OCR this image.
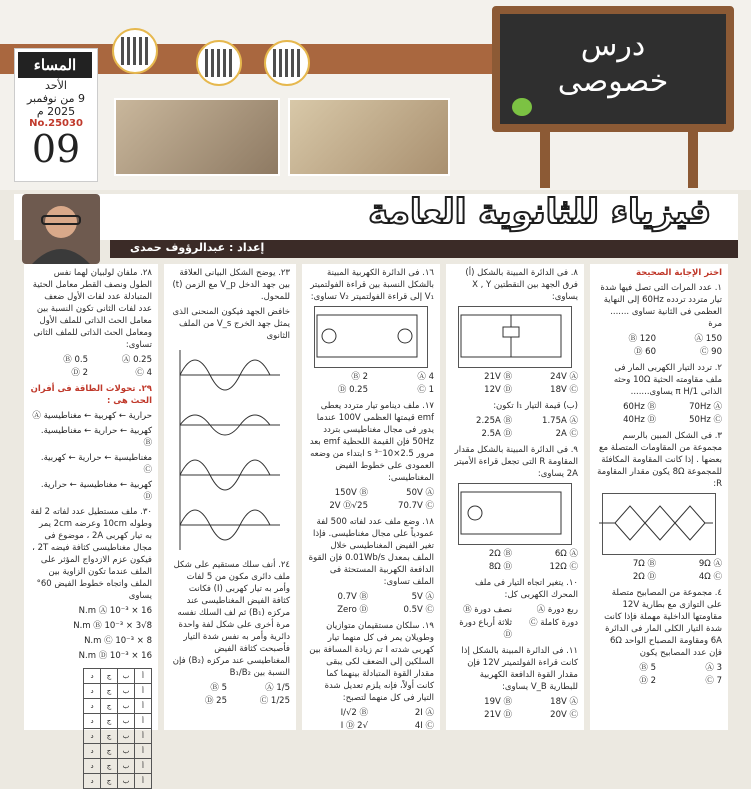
الأحد
9 من نوفمبر
2025 م
No.25030
09
المساء
درس
خصوصى
فيزياء للثانوية العامة
إعداد : عبدالرؤوف حمدى

اختر الإجابة الصحيحة

١. عدد المرات التى تصل فيها شدة تيار متردد تردده 60Hz إلى النهاية العظمى فى الثانية تساوى ....... مرة

150 Ⓐ
120 Ⓑ
90 Ⓒ
60 Ⓓ

٢. تردد التيار الكهربى المار فى ملف مقاومته الحثية 10Ω وحثه الذاتى 1/π H يساوى.......

70Hz Ⓐ
60Hz Ⓑ
50Hz Ⓒ
40Hz Ⓓ

٣. فى الشكل المبين بالرسم مجموعة من المقاومات المتصلة مع بعضها . إذا كانت المقاومة المكافئة للمجموعة 8Ω يكون مقدار المقاومة R:

9Ω Ⓐ
7Ω Ⓑ
4Ω Ⓒ
2Ω Ⓓ

٤. مجموعة من المصابيح متصلة على التوازى مع بطارية 12V مقاومتها الداخلية مهملة فإذا كانت شدة التيار الكلى المار فى الدائرة 6A ومقاومة المصباح الواحد 6Ω فإن عدد المصابيح يكون

3 Ⓐ
5 Ⓑ
7 Ⓒ
2 Ⓓ

٨. فى الدائرة المبينة بالشكل (أ) فرق الجهد بين النقطتين X , Y يساوى:

24V Ⓐ
21V Ⓑ
18V Ⓒ
12V Ⓓ

(ب) قيمة التيار I₁ تكون:

1.75A Ⓐ
2.25A Ⓑ
2A Ⓒ
2.5A Ⓓ

٩. فى الدائرة المبينة بالشكل مقدار المقاومة R التى تجعل قراءة الأميتر 2A يساوى:

6Ω Ⓐ
2Ω Ⓑ
12Ω Ⓒ
8Ω Ⓓ

١٠. يتغير اتجاه التيار فى ملف المحرك الكهربى كل:

ربع دورة Ⓐ
نصف دورة Ⓑ
دورة كاملة Ⓒ
ثلاثة أرباع دورة Ⓓ

١١. فى الدائرة المبينة بالشكل إذا كانت قراءة الفولتميتر 12V فإن مقدار القوة الدافعة الكهربية للبطارية V_B يساوى:

18V Ⓐ
19V Ⓑ
20V Ⓒ
21V Ⓓ

١٦. فى الدائرة الكهربية المبينة بالشكل النسبة بين قراءة الفولتميتر V₁ إلى قراءة الفولتميتر V₂ تساوى:

4 Ⓐ
2 Ⓑ
1 Ⓒ
0.25 Ⓓ

١٧. ملف دينامو تيار متردد يعطى emf قيمتها العظمى 100V عندما يدور فى مجال مغناطيسى بتردد 50Hz فإن القيمة اللحظية emf بعد مرور 2.5×10⁻³ s ابتداء من وضعه العمودى على خطوط الفيض المغناطيسى:

50V Ⓐ
150V Ⓑ
70.7V Ⓒ
25√2V Ⓓ

١٨. وضع ملف عدد لفاته 500 لفة عمودياً على مجال مغناطيسى. فإذا تغير الفيض المغناطيسى خلال الملف بمعدل 0.01Wb/s فإن القوة الدافعة الكهربية المستحثة فى الملف تساوى:

5V Ⓐ
0.7V Ⓑ
0.5V Ⓒ
Zero Ⓓ

١٩. سلكان مستقيمان متوازيان وطويلان يمر فى كل منهما تيار كهربى شدته I تم زيادة المسافة بين السلكين إلى الضعف لكى يبقى مقدار القوة المتبادلة بينهما كما كانت أولاً، فإنه يلزم تعديل شدة التيار فى كل منهما لتصبح:

2I Ⓐ
I/√2 Ⓑ
4I Ⓒ
√2 I Ⓓ

٢٣. يوضح الشكل البيانى العلاقة بين جهد الدخل V_p مع الزمن (t) للمحول.

خافض الجهد فيكون المنحنى الذى يمثل جهد الخرج V_s من الملف الثانوى

٢٤. أنف سلك مستقيم على شكل ملف دائرى مكون من 5 لفات وأمر به تيار كهربى (I) فكانت كثافة الفيض المغناطيسى عند مركزه (B₁) ثم لف السلك نفسه مرة أخرى على شكل لفة واحدة دائرية وأمر به نفس شدة التيار فأصبحت كثافة الفيض المغناطيسى عند مركزه (B₂) فإن النسبة بين B₁/B₂

1/5 Ⓐ
5 Ⓑ
1/25 Ⓒ
25 Ⓓ

٢٨. ملفان لولبيان لهما نفس الطول ونصف القطر معامل الحثية المتبادلة عدد لفات الأول ضعف عدد لفات الثانى تكون النسبة بين معامل الحث الذاتى للملف الأول ومعامل الحث الذاتى للملف الثانى تساوى:

0.25 Ⓐ
0.5 Ⓑ
4 Ⓒ
2 Ⓓ

٢٩. تحولات الطاقة فى أفران الحث هى :

حرارية ← كهربية ← مغناطيسية Ⓐ

كهربية ← حرارية ← مغناطيسية. Ⓑ

مغناطيسية ← حرارية ← كهربية. Ⓒ

كهربية ← مغناطيسية ← حرارية. Ⓓ

٣٠. ملف مستطيل عدد لفاته 2 لفة وطوله 10cm وعرضه 2cm يمر به تيار كهربى 2A ، موضوع فى مجال مغناطيسى كثافة فيضه 2T ، فيكون عزم الازدواج المؤثر على الملف عندما تكون الزاوية بين الملف واتجاه خطوط الفيض 60° يساوى

16 × 10⁻³ N.m Ⓐ

8√3 × 10⁻³ N.m Ⓑ

8 × 10⁻³ N.m Ⓒ

16 × 10⁻³ N.m Ⓓ

أ	ب	ج	د
أ	ب	ج	د
أ	ب	ج	د
أ	ب	ج	د
أ	ب	ج	د
أ	ب	ج	د
أ	ب	ج	د
أ	ب	ج	د
